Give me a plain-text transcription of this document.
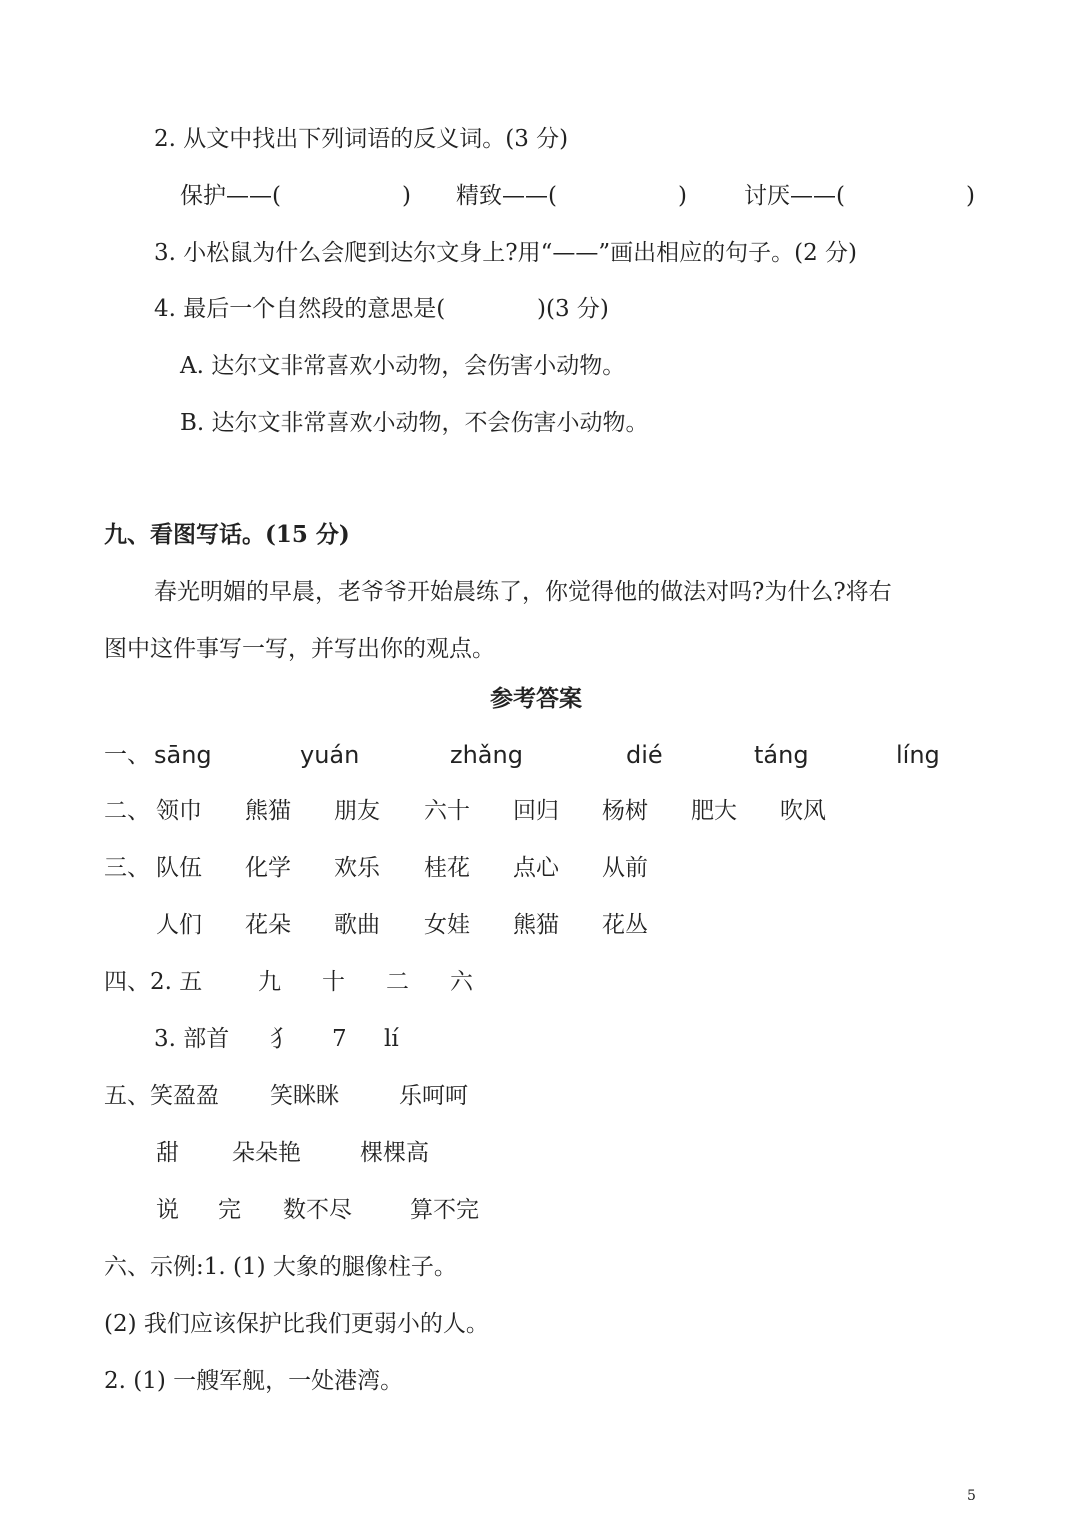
2. 从文中找出下列词语的反义词。(3 分)
保护——(	) 精致——(	) 讨厌——(	)
3. 小松鼠为什么会爬到达尔文身上?用“——”画出相应的句子。(2 分)
4. 最后一个自然段的意思是(	)(3 分)
A. 达尔文非常喜欢小动物，会伤害小动物。
B. 达尔文非常喜欢小动物，不会伤害小动物。
九、看图写话。(15 分)
春光明媚的早晨，老爷爷开始晨练了，你觉得他的做法对吗?为什么?将右
图中这件事写一写，并写出你的观点。
参考答案
一、 sāng	yuán	zhǎng	dié	táng	líng
二、 领巾 熊猫 朋友 六十 回归 杨树 肥大 吹风
三、 队伍 化学 欢乐 桂花 点心 从前
人们 花朵 歌曲 女娃 熊猫 花丛
四、2. 五 九 十 二 六
3. 部首 犭 7 lí
五、笑盈盈 笑眯眯	乐呵呵
甜 朵朵艳	棵棵高
说 完 数不尽	算不完
六、示例:1. (1) 大象的腿像柱子。
(2) 我们应该保护比我们更弱小的人。
2. (1) 一艘军舰，一处港湾。
5
